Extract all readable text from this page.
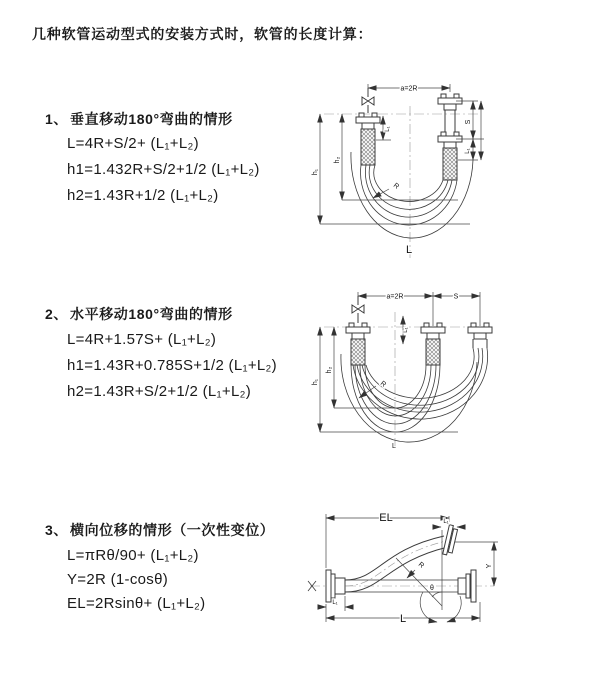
几种软管运动型式的安装方式时，软管的长度计算：
1、 垂直移动180°弯曲的情形
L=4R+S/2+ (L₁+L₂)
h1=1.432R+S/2+1/2 (L₁+L₂)
h2=1.43R+1/2 (L₁+L₂)
2、 水平移动180°弯曲的情形
L=4R+1.57S+ (L₁+L₂)
h1=1.43R+0.785S+1/2 (L₁+L₂)
h2=1.43R+S/2+1/2 (L₁+L₂)
3、 横向位移的情形（一次性变位）
L=πRθ/90+ (L₁+L₂)
Y=2R (1-cosθ)
EL=2Rsinθ+ (L₁+L₂)
a=2R
S
L₁
L₁
h₁
h₂
R
L
a=2R	S
h₁
h₂
L₁
R
L
EL	L₁
Y
R
θ
L
L₁
